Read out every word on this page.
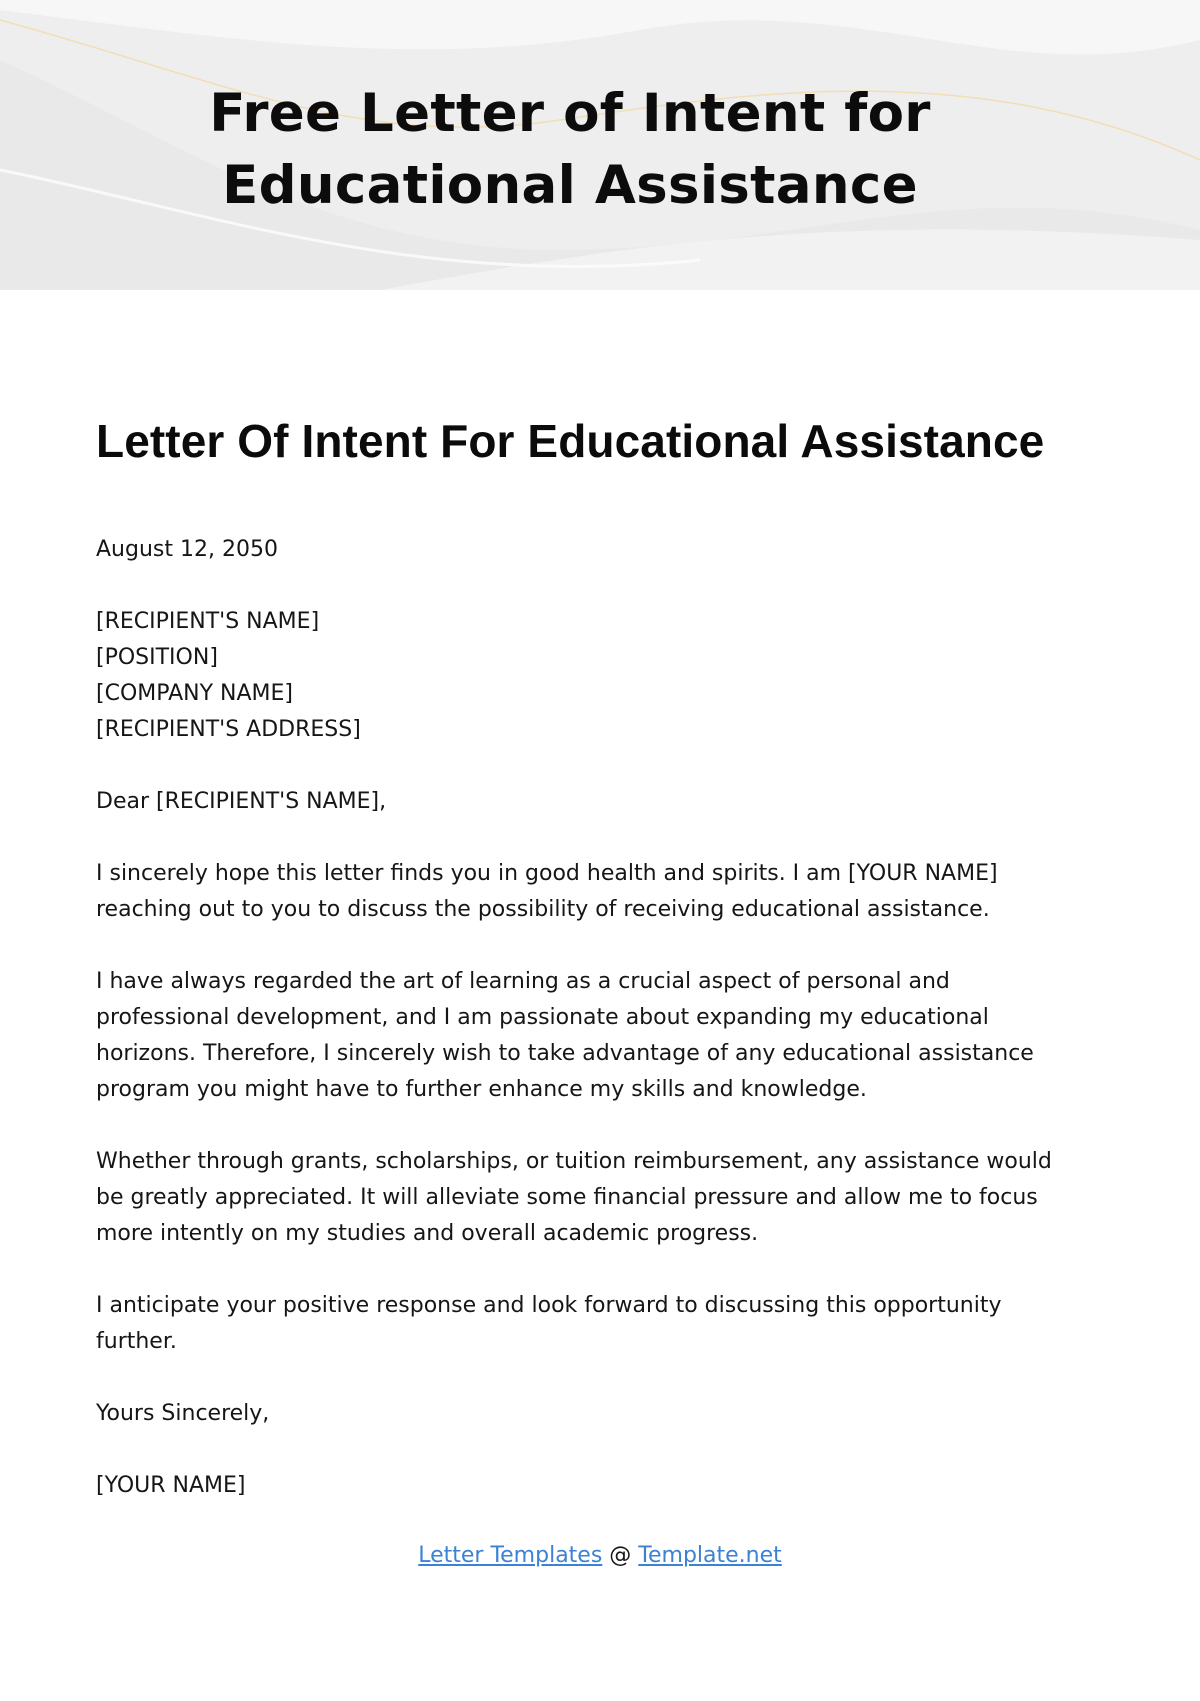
Free Letter of Intent for
Educational Assistance
Letter Of Intent For Educational Assistance
August 12, 2050
[RECIPIENT'S NAME]
[POSITION]
[COMPANY NAME]
[RECIPIENT'S ADDRESS]
Dear [RECIPIENT'S NAME],
I sincerely hope this letter finds you in good health and spirits. I am [YOUR NAME]
reaching out to you to discuss the possibility of receiving educational assistance.
I have always regarded the art of learning as a crucial aspect of personal and
professional development, and I am passionate about expanding my educational
horizons. Therefore, I sincerely wish to take advantage of any educational assistance
program you might have to further enhance my skills and knowledge.
Whether through grants, scholarships, or tuition reimbursement, any assistance would
be greatly appreciated. It will alleviate some financial pressure and allow me to focus
more intently on my studies and overall academic progress.
I anticipate your positive response and look forward to discussing this opportunity
further.
Yours Sincerely,
[YOUR NAME]
Letter Templates @ Template.net
